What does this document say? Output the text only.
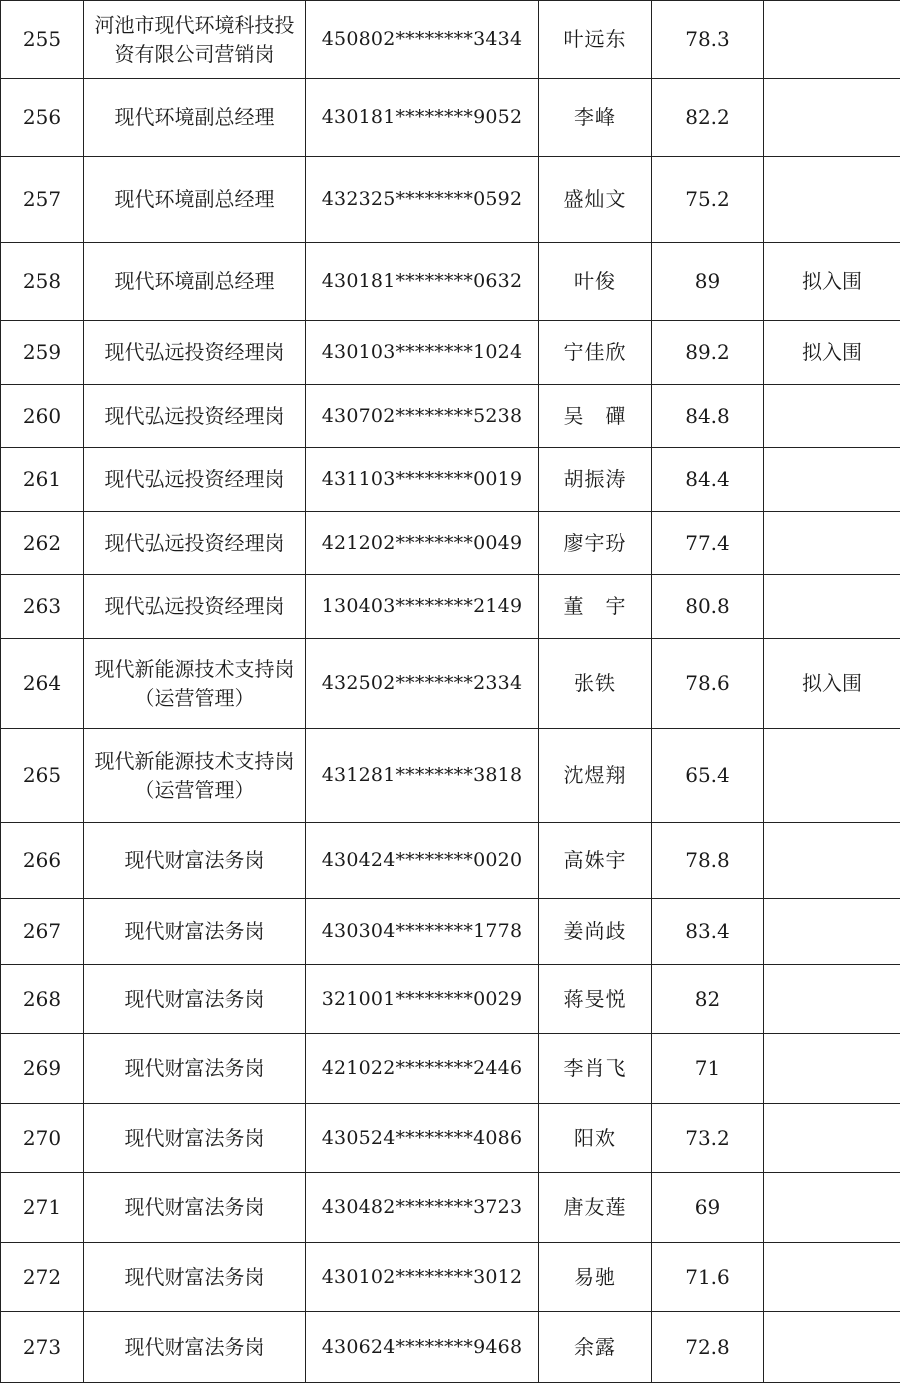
255	河池市现代环境科技投资有限公司营销岗	450802********3434	叶远东	78.3	
256	现代环境副总经理	430181********9052	李峰	82.2	
257	现代环境副总经理	432325********0592	盛灿文	75.2	
258	现代环境副总经理	430181********0632	叶俊	89	拟入围
259	现代弘远投资经理岗	430103********1024	宁佳欣	89.2	拟入围
260	现代弘远投资经理岗	430702********5238	吴　磾	84.8	
261	现代弘远投资经理岗	431103********0019	胡振涛	84.4	
262	现代弘远投资经理岗	421202********0049	廖宇玢	77.4	
263	现代弘远投资经理岗	130403********2149	董　宇	80.8	
264	现代新能源技术支持岗（运营管理）	432502********2334	张铁	78.6	拟入围
265	现代新能源技术支持岗（运营管理）	431281********3818	沈煜翔	65.4	
266	现代财富法务岗	430424********0020	高姝宇	78.8	
267	现代财富法务岗	430304********1778	姜尚歧	83.4	
268	现代财富法务岗	321001********0029	蒋旻悦	82	
269	现代财富法务岗	421022********2446	李肖飞	71	
270	现代财富法务岗	430524********4086	阳欢	73.2	
271	现代财富法务岗	430482********3723	唐友莲	69	
272	现代财富法务岗	430102********3012	易驰	71.6	
273	现代财富法务岗	430624********9468	余露	72.8	
